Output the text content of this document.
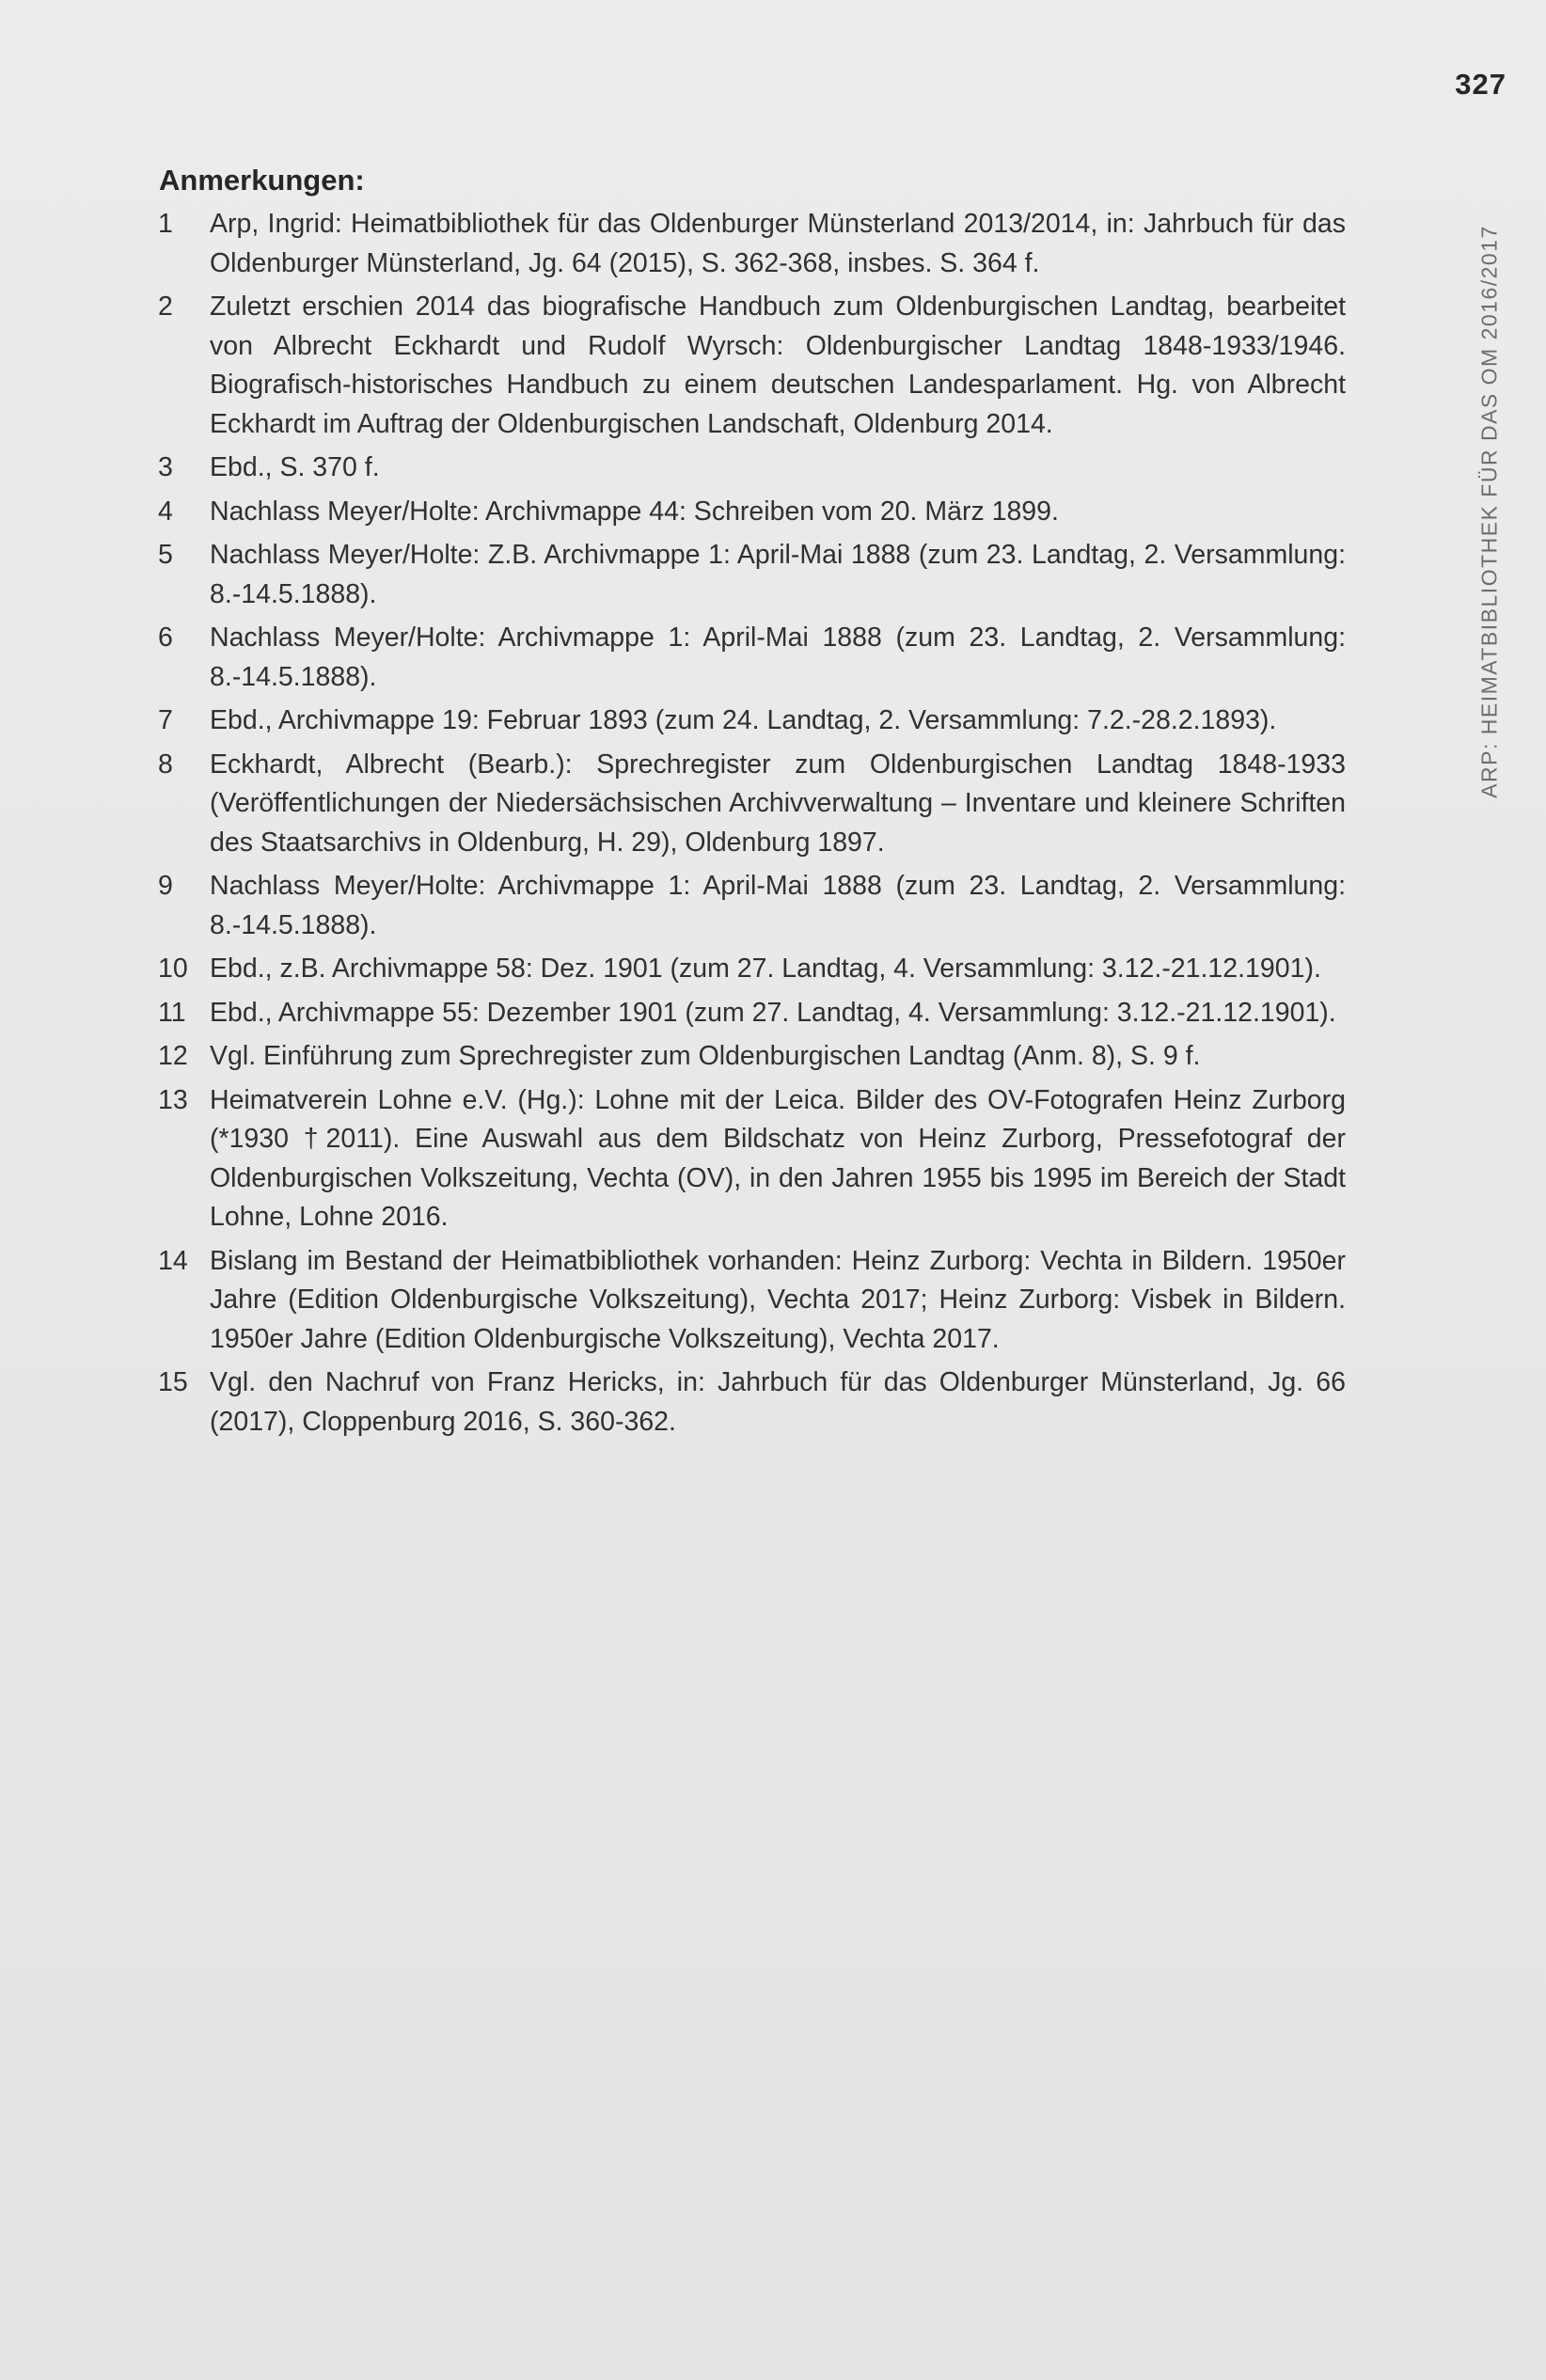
327
ARP: HEIMATBIBLIOTHEK FÜR DAS OM 2016/2017
Anmerkungen:
1	Arp, Ingrid: Heimatbibliothek für das Oldenburger Münsterland 2013/2014, in: Jahrbuch für das Oldenburger Münsterland, Jg. 64 (2015), S. 362-368, insbes. S. 364 f.
2	Zuletzt erschien 2014 das biografische Handbuch zum Oldenburgischen Landtag, bearbeitet von Albrecht Eckhardt und Rudolf Wyrsch: Oldenburgischer Landtag 1848-1933/1946. Biografisch-historisches Handbuch zu einem deutschen Landesparlament. Hg. von Albrecht Eckhardt im Auftrag der Oldenburgischen Landschaft, Oldenburg 2014.
3	Ebd., S. 370 f.
4	Nachlass Meyer/Holte: Archivmappe 44: Schreiben vom 20. März 1899.
5	Nachlass Meyer/Holte: Z.B. Archivmappe 1: April-Mai 1888 (zum 23. Landtag, 2. Versammlung: 8.-14.5.1888).
6	Nachlass Meyer/Holte: Archivmappe 1: April-Mai 1888 (zum 23. Landtag, 2. Versammlung: 8.-14.5.1888).
7	Ebd., Archivmappe 19: Februar 1893 (zum 24. Landtag, 2. Versammlung: 7.2.-28.2.1893).
8	Eckhardt, Albrecht (Bearb.): Sprechregister zum Oldenburgischen Landtag 1848-1933 (Veröffentlichungen der Niedersächsischen Archivverwaltung – Inventare und kleinere Schriften des Staatsarchivs in Oldenburg, H. 29), Oldenburg 1897.
9	Nachlass Meyer/Holte: Archivmappe 1: April-Mai 1888 (zum 23. Landtag, 2. Versammlung: 8.-14.5.1888).
10 Ebd., z.B. Archivmappe 58: Dez. 1901 (zum 27. Landtag, 4. Versammlung: 3.12.-21.12.1901).
11 Ebd., Archivmappe 55: Dezember 1901 (zum 27. Landtag, 4. Versammlung: 3.12.-21.12.1901).
12 Vgl. Einführung zum Sprechregister zum Oldenburgischen Landtag (Anm. 8), S. 9 f.
13 Heimatverein Lohne e.V. (Hg.): Lohne mit der Leica. Bilder des OV-Fotografen Heinz Zurborg (*1930 †2011). Eine Auswahl aus dem Bildschatz von Heinz Zurborg, Pressefotograf der Oldenburgischen Volkszeitung, Vechta (OV), in den Jahren 1955 bis 1995 im Bereich der Stadt Lohne, Lohne 2016.
14 Bislang im Bestand der Heimatbibliothek vorhanden: Heinz Zurborg: Vechta in Bildern. 1950er Jahre (Edition Oldenburgische Volkszeitung), Vechta 2017; Heinz Zurborg: Visbek in Bildern. 1950er Jahre (Edition Oldenburgische Volkszeitung), Vechta 2017.
15 Vgl. den Nachruf von Franz Hericks, in: Jahrbuch für das Oldenburger Münsterland, Jg. 66 (2017), Cloppenburg 2016, S. 360-362.
